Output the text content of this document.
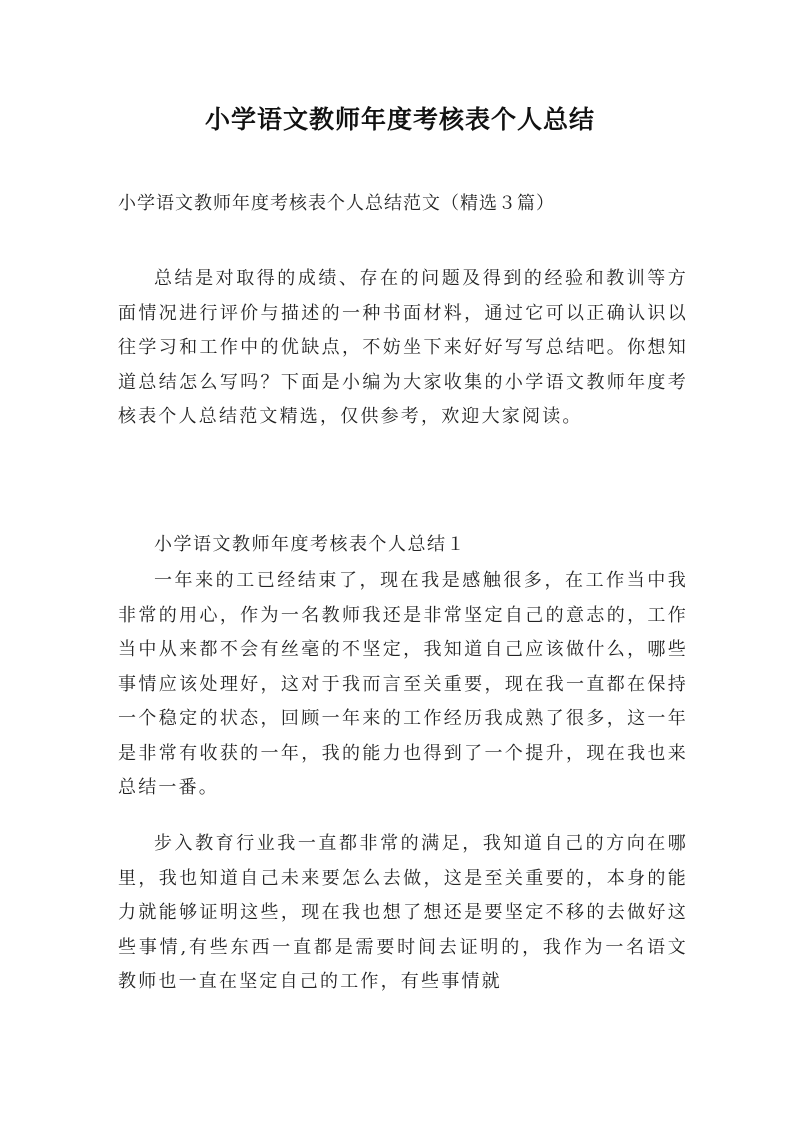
小学语文教师年度考核表个人总结
小学语文教师年度考核表个人总结范文（精选３篇）
总结是对取得的成绩、存在的问题及得到的经验和教训等方面情况进行评价与描述的一种书面材料，通过它可以正确认识以往学习和工作中的优缺点，不妨坐下来好好写写总结吧。你想知道总结怎么写吗？下面是小编为大家收集的小学语文教师年度考核表个人总结范文精选，仅供参考，欢迎大家阅读。
小学语文教师年度考核表个人总结１
一年来的工已经结束了，现在我是感触很多，在工作当中我非常的用心，作为一名教师我还是非常坚定自己的意志的，工作当中从来都不会有丝毫的不坚定，我知道自己应该做什么，哪些事情应该处理好，这对于我而言至关重要，现在我一直都在保持一个稳定的状态，回顾一年来的工作经历我成熟了很多，这一年是非常有收获的一年，我的能力也得到了一个提升，现在我也来总结一番。
步入教育行业我一直都非常的满足，我知道自己的方向在哪里，我也知道自己未来要怎么去做，这是至关重要的，本身的能力就能够证明这些，现在我也想了想还是要坚定不移的去做好这些事情,有些东西一直都是需要时间去证明的，我作为一名语文教师也一直在坚定自己的工作，有些事情就
